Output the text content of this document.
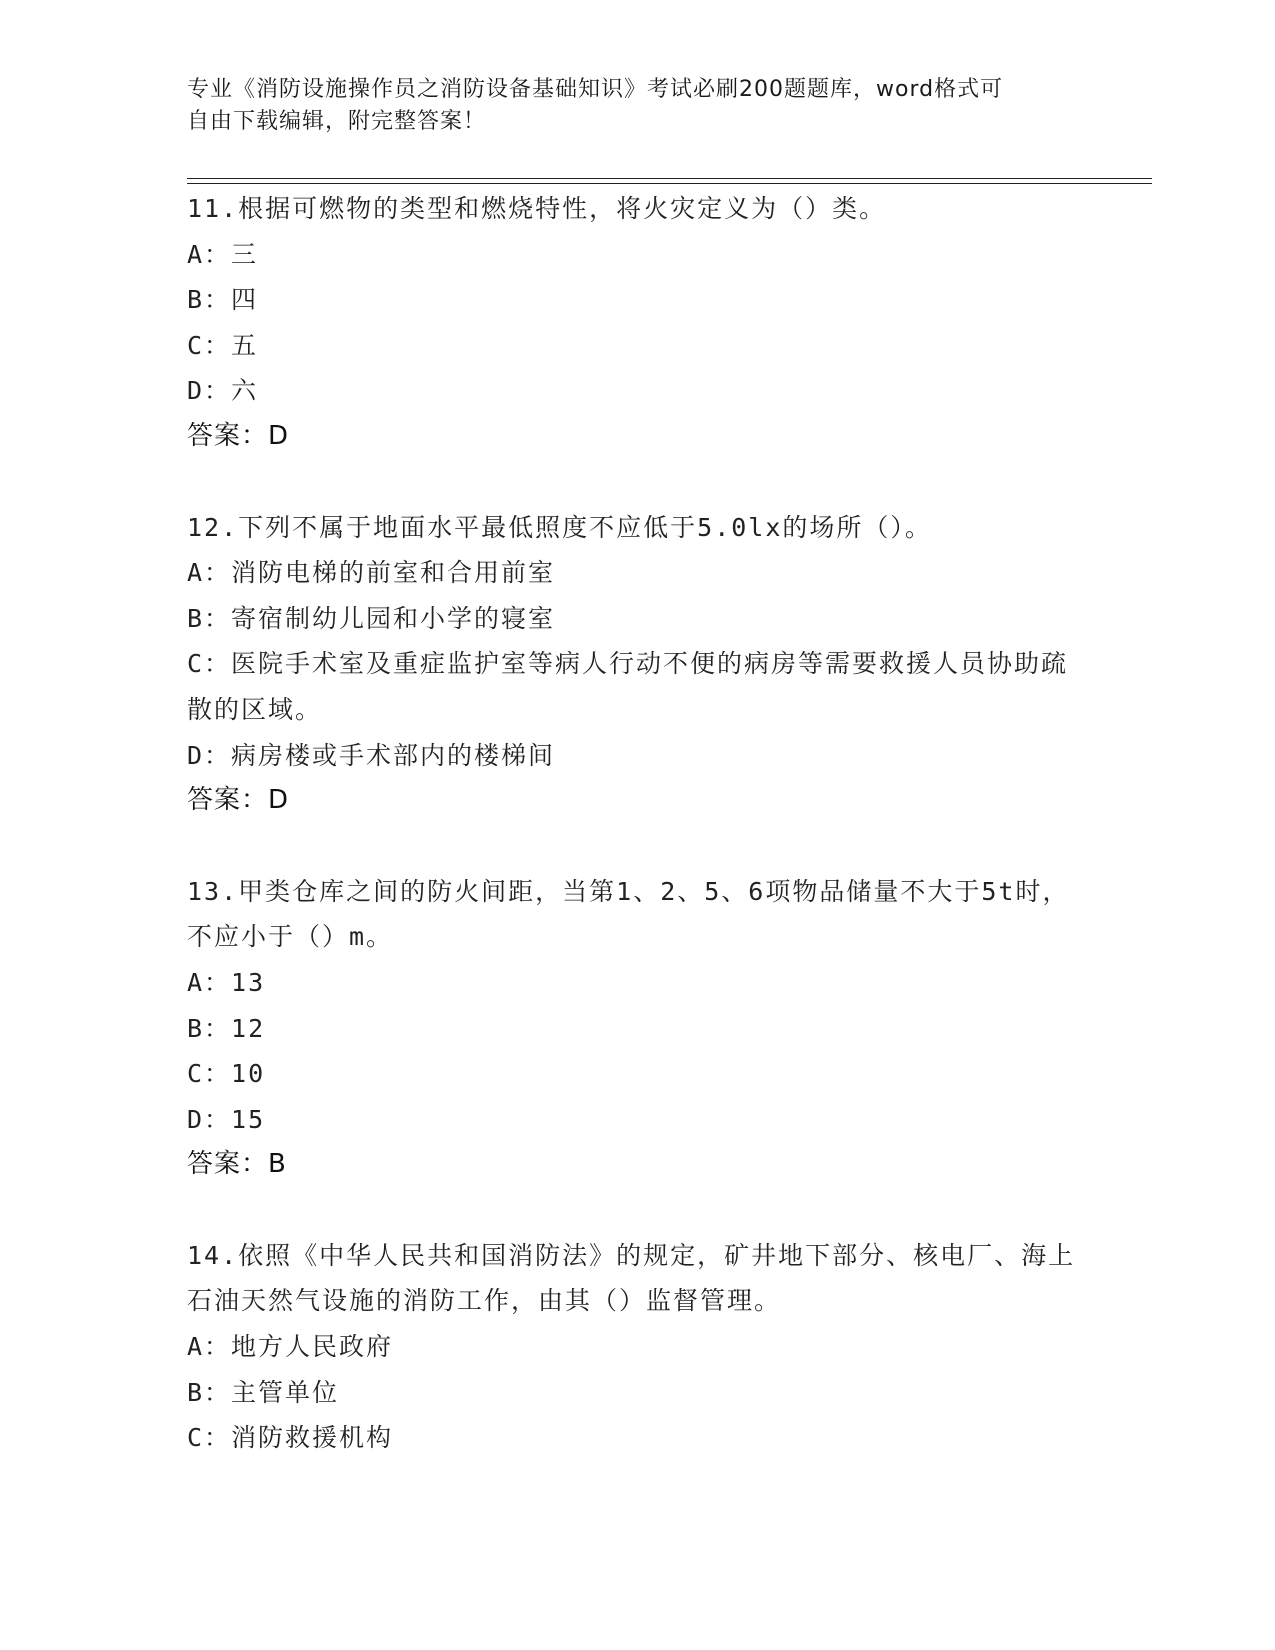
专业《消防设施操作员之消防设备基础知识》考试必刷200题题库，word格式可
自由下载编辑，附完整答案！
11.根据可燃物的类型和燃烧特性，将火灾定义为（）类。
A：三
B：四
C：五
D：六
答案：D
12.下列不属于地面水平最低照度不应低于5.0lx的场所（）。
A：消防电梯的前室和合用前室
B：寄宿制幼儿园和小学的寝室
C：医院手术室及重症监护室等病人行动不便的病房等需要救援人员协助疏散的区域。
D：病房楼或手术部内的楼梯间
答案：D
13.甲类仓库之间的防火间距，当第1、2、5、6项物品储量不大于5t时，不应小于（）m。
A：13
B：12
C：10
D：15
答案：B
14.依照《中华人民共和国消防法》的规定，矿井地下部分、核电厂、海上石油天然气设施的消防工作，由其（）监督管理。
A：地方人民政府
B：主管单位
C：消防救援机构
